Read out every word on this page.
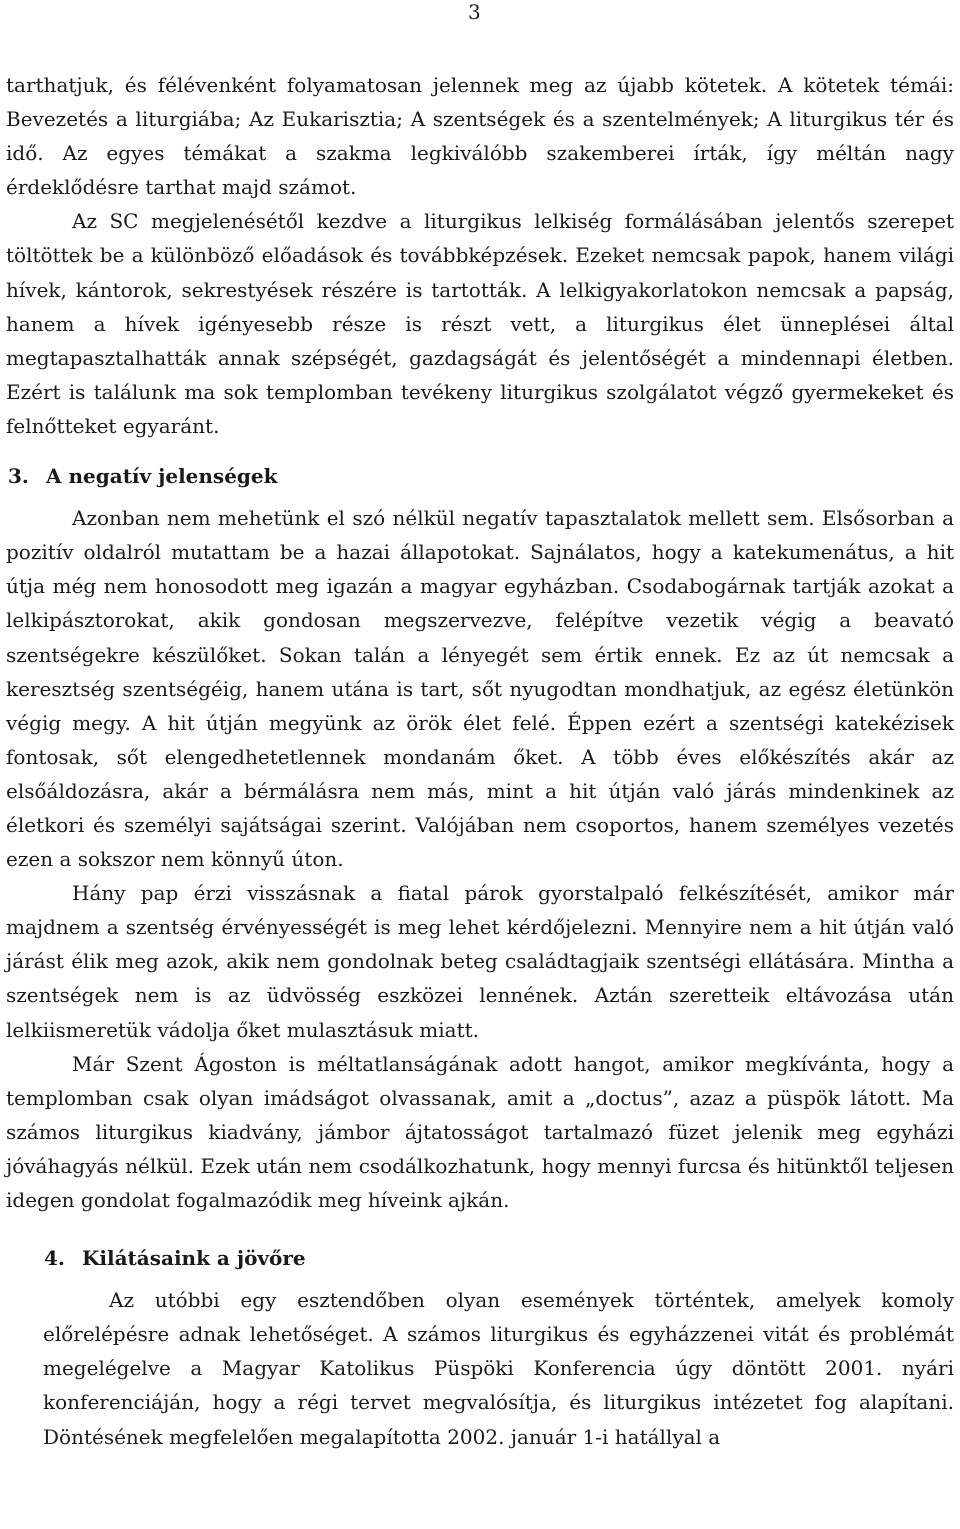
3

tarthatjuk, és félévenként folyamatosan jelennek meg az újabb kötetek. A kötetek témái: Bevezetés a liturgiába; Az Eukarisztia; A szentségek és a szentelmények; A liturgikus tér és idő. Az egyes témákat a szakma legkiválóbb szakemberei írták, így méltán nagy érdeklődésre tarthat majd számot.

Az SC megjelenésétől kezdve a liturgikus lelkiség formálásában jelentős szerepet töltöttek be a különböző előadások és továbbképzések. Ezeket nemcsak papok, hanem világi hívek, kántorok, sekrestyések részére is tartották. A lelkigyakorlatokon nemcsak a papság, hanem a hívek igényesebb része is részt vett, a liturgikus élet ünneplései által megtapasztalhatták annak szépségét, gazdagságát és jelentőségét a mindennapi életben. Ezért is találunk ma sok templomban tevékeny liturgikus szolgálatot végző gyermekeket és felnőtteket egyaránt.

3. A negatív jelenségek

Azonban nem mehetünk el szó nélkül negatív tapasztalatok mellett sem. Elsősorban a pozitív oldalról mutattam be a hazai állapotokat. Sajnálatos, hogy a katekumenátus, a hit útja még nem honosodott meg igazán a magyar egyházban. Csodabogárnak tartják azokat a lelkipásztorokat, akik gondosan megszervezve, felépítve vezetik végig a beavató szentségekre készülőket. Sokan talán a lényegét sem értik ennek. Ez az út nemcsak a keresztség szentségéig, hanem utána is tart, sőt nyugodtan mondhatjuk, az egész életünkön végig megy. A hit útján megyünk az örök élet felé. Éppen ezért a szentségi katekézisek fontosak, sőt elengedhetetlennek mondanám őket. A több éves előkészítés akár az elsőáldozásra, akár a bérmálásra nem más, mint a hit útján való járás mindenkinek az életkori és személyi sajátságai szerint. Valójában nem csoportos, hanem személyes vezetés ezen a sokszor nem könnyű úton.

Hány pap érzi visszásnak a fiatal párok gyorstalpaló felkészítését, amikor már majdnem a szentség érvényességét is meg lehet kérdőjelezni. Mennyire nem a hit útján való járást élik meg azok, akik nem gondolnak beteg családtagjaik szentségi ellátására. Mintha a szentségek nem is az üdvösség eszközei lennének. Aztán szeretteik eltávozása után lelkiismeretük vádolja őket mulasztásuk miatt.

Már Szent Ágoston is méltatlanságának adott hangot, amikor megkívánta, hogy a templomban csak olyan imádságot olvassanak, amit a „doctus”, azaz a püspök látott. Ma számos liturgikus kiadvány, jámbor ájtatosságot tartalmazó füzet jelenik meg egyházi jóváhagyás nélkül. Ezek után nem csodálkozhatunk, hogy mennyi furcsa és hitünktől teljesen idegen gondolat fogalmazódik meg híveink ajkán.

4. Kilátásaink a jövőre

Az utóbbi egy esztendőben olyan események történtek, amelyek komoly előrelépésre adnak lehetőséget. A számos liturgikus és egyházzenei vitát és problémát megelégelve a Magyar Katolikus Püspöki Konferencia úgy döntött 2001. nyári konferenciáján, hogy a régi tervet megvalósítja, és liturgikus intézetet fog alapítani. Döntésének megfelelően megalapította 2002. január 1-i hatállyal a
